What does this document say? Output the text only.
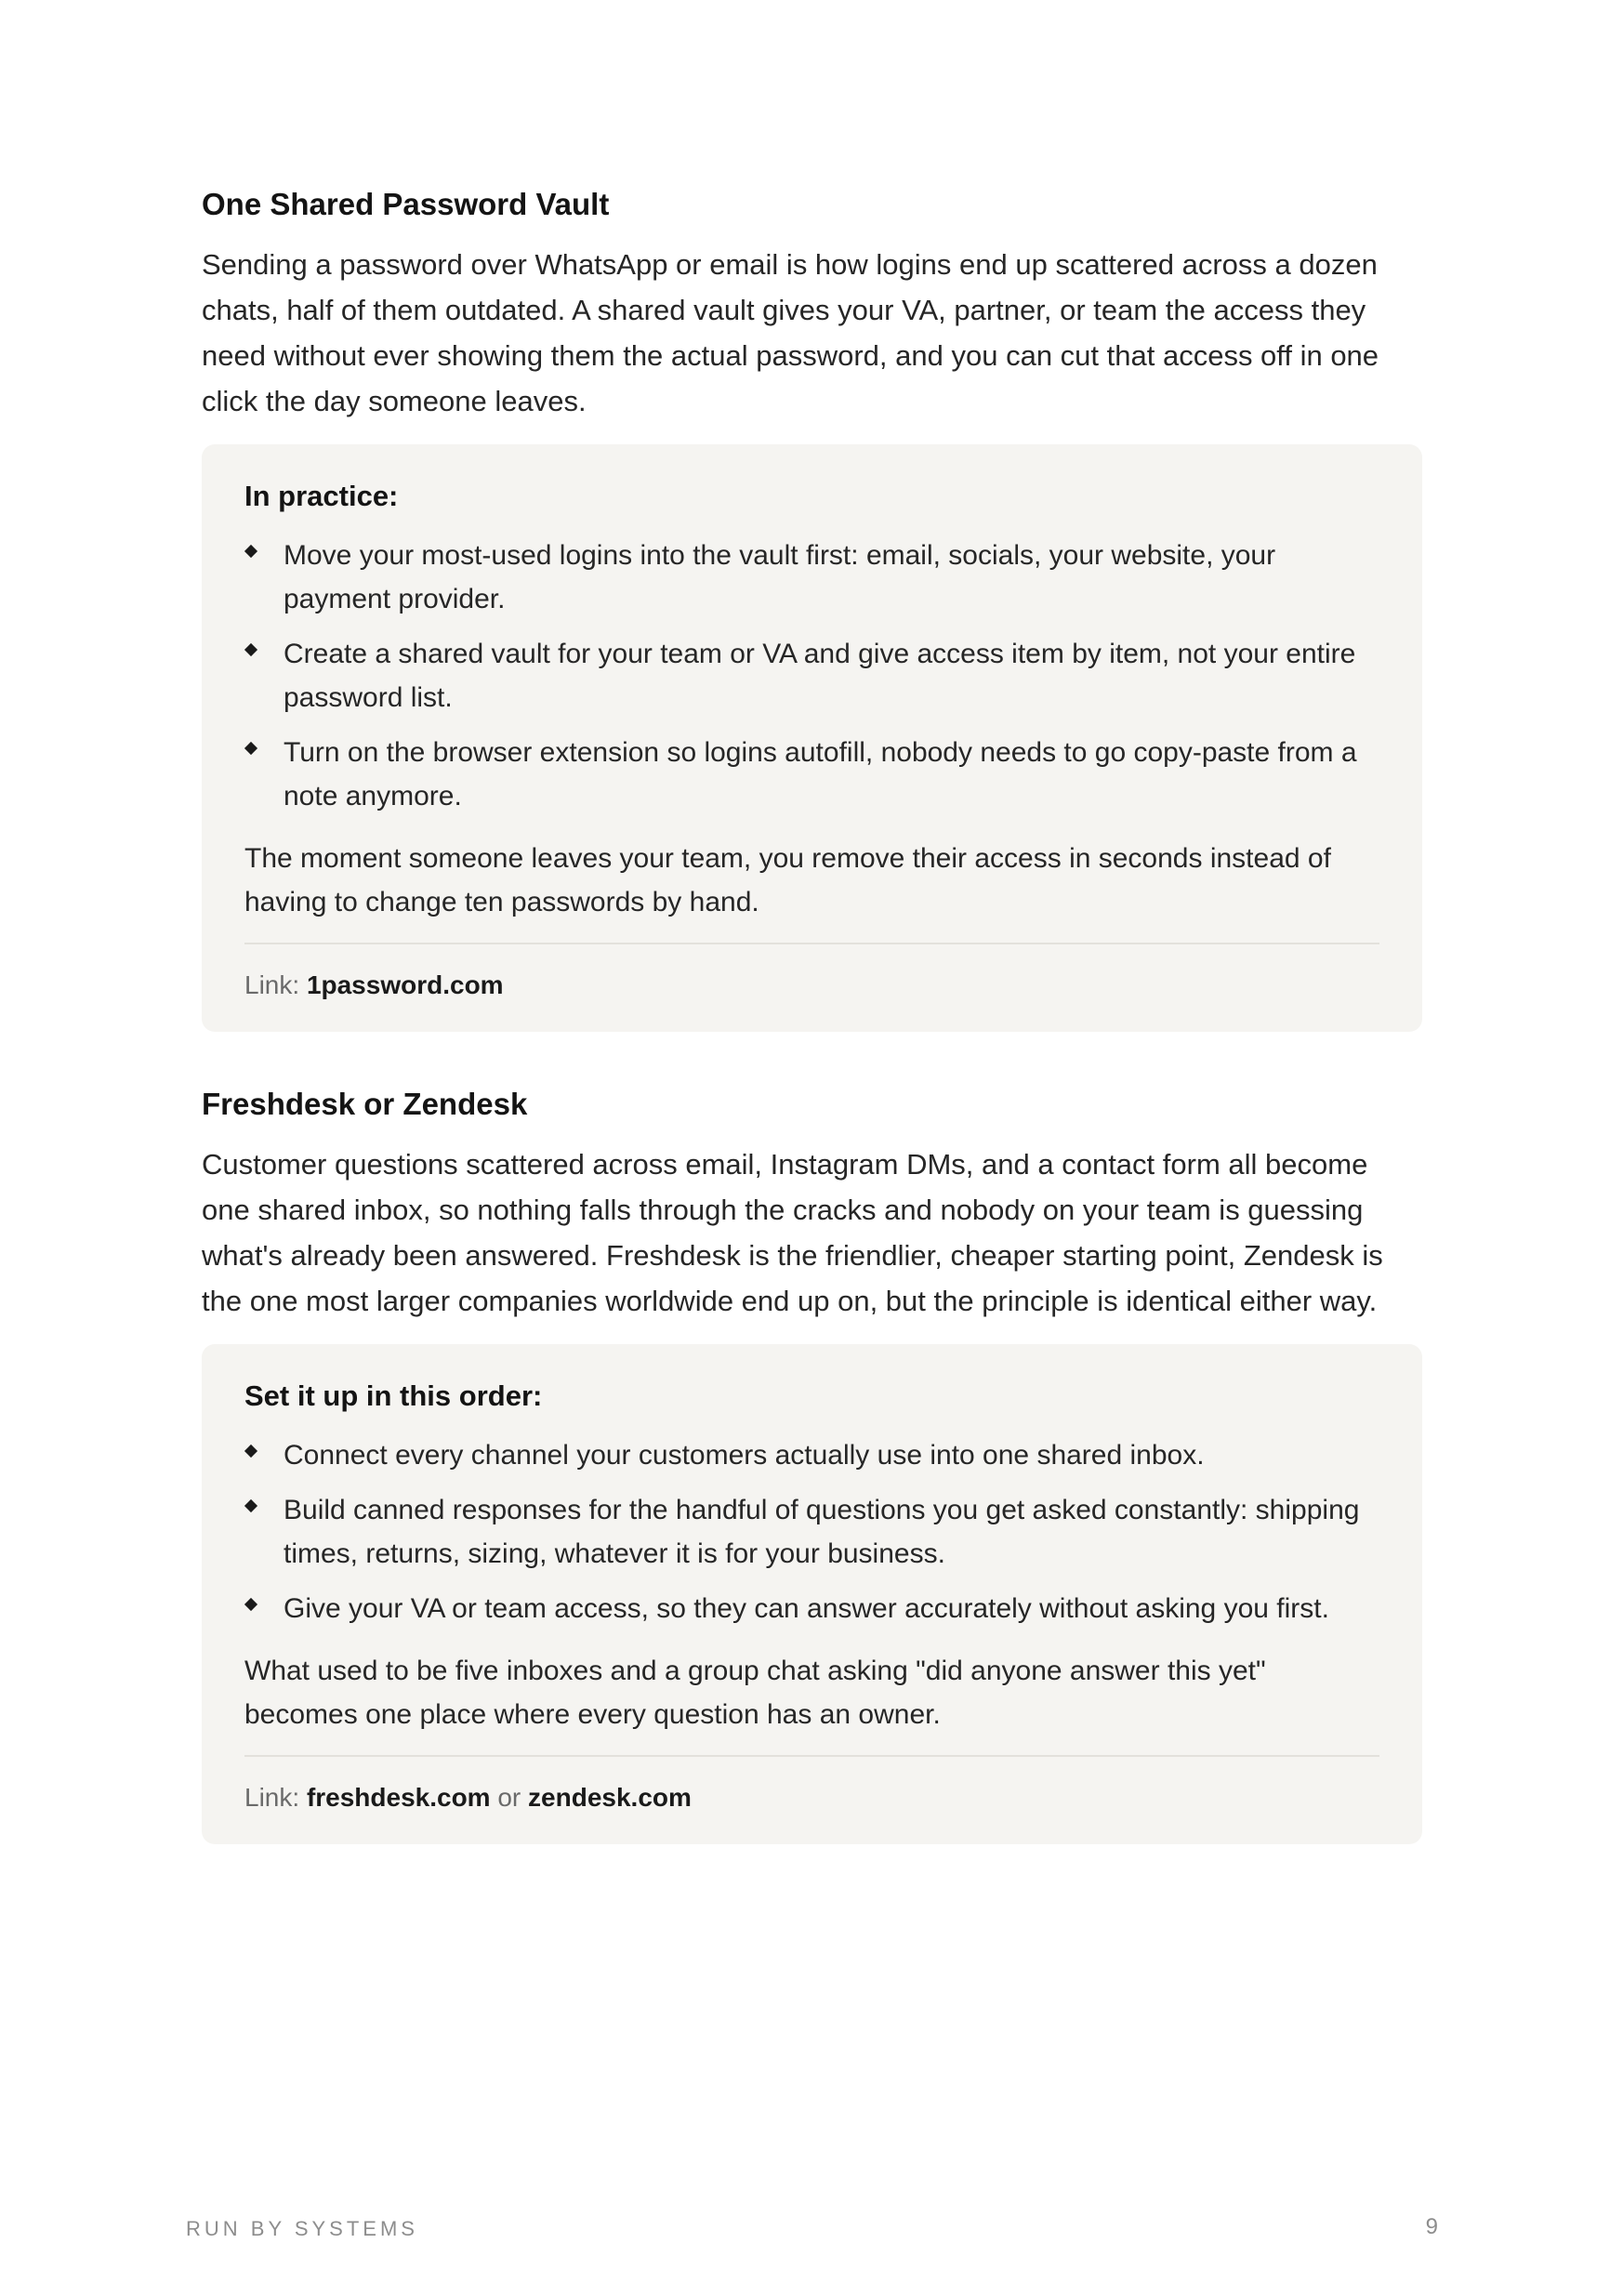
One Shared Password Vault

Sending a password over WhatsApp or email is how logins end up scattered across a dozen chats, half of them outdated. A shared vault gives your VA, partner, or team the access they need without ever showing them the actual password, and you can cut that access off in one click the day someone leaves.

In practice:
Move your most-used logins into the vault first: email, socials, your website, your payment provider.
Create a shared vault for your team or VA and give access item by item, not your entire password list.
Turn on the browser extension so logins autofill, nobody needs to go copy-paste from a note anymore.

The moment someone leaves your team, you remove their access in seconds instead of having to change ten passwords by hand.

Link: 1password.com
Freshdesk or Zendesk

Customer questions scattered across email, Instagram DMs, and a contact form all become one shared inbox, so nothing falls through the cracks and nobody on your team is guessing what's already been answered. Freshdesk is the friendlier, cheaper starting point, Zendesk is the one most larger companies worldwide end up on, but the principle is identical either way.

Set it up in this order:
Connect every channel your customers actually use into one shared inbox.
Build canned responses for the handful of questions you get asked constantly: shipping times, returns, sizing, whatever it is for your business.
Give your VA or team access, so they can answer accurately without asking you first.

What used to be five inboxes and a group chat asking "did anyone answer this yet" becomes one place where every question has an owner.

Link: freshdesk.com or zendesk.com
RUN BY SYSTEMS	9
